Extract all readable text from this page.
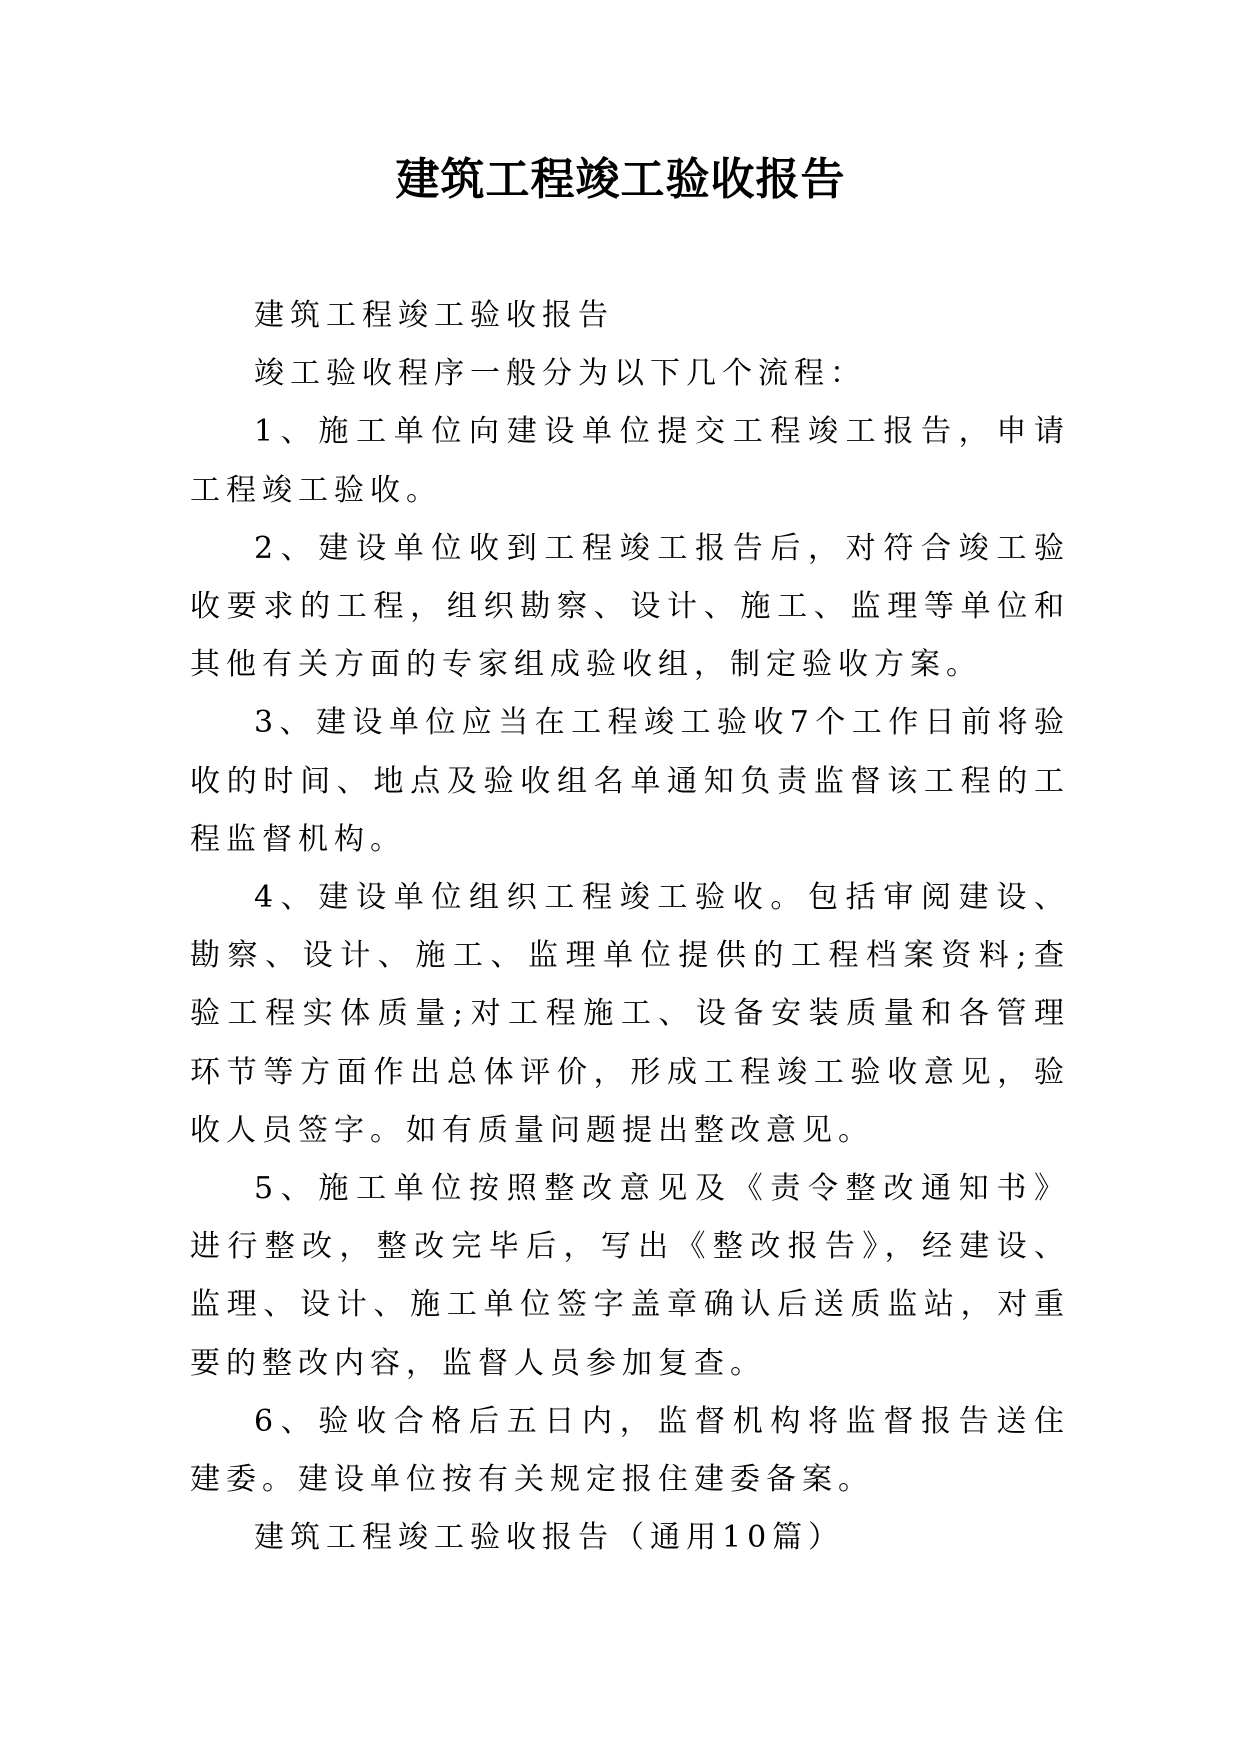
建筑工程竣工验收报告

建筑工程竣工验收报告

竣工验收程序一般分为以下几个流程：

1、施工单位向建设单位提交工程竣工报告，申请工程竣工验收。

2、建设单位收到工程竣工报告后，对符合竣工验收要求的工程，组织勘察、设计、施工、监理等单位和其他有关方面的专家组成验收组，制定验收方案。

3、建设单位应当在工程竣工验收7个工作日前将验收的时间、地点及验收组名单通知负责监督该工程的工程监督机构。

4、建设单位组织工程竣工验收。包括审阅建设、勘察、设计、施工、监理单位提供的工程档案资料;查验工程实体质量;对工程施工、设备安装质量和各管理环节等方面作出总体评价，形成工程竣工验收意见，验收人员签字。如有质量问题提出整改意见。

5、施工单位按照整改意见及《责令整改通知书》进行整改，整改完毕后，写出《整改报告》，经建设、监理、设计、施工单位签字盖章确认后送质监站，对重要的整改内容，监督人员参加复查。

6、验收合格后五日内，监督机构将监督报告送住建委。建设单位按有关规定报住建委备案。

建筑工程竣工验收报告（通用10篇）
